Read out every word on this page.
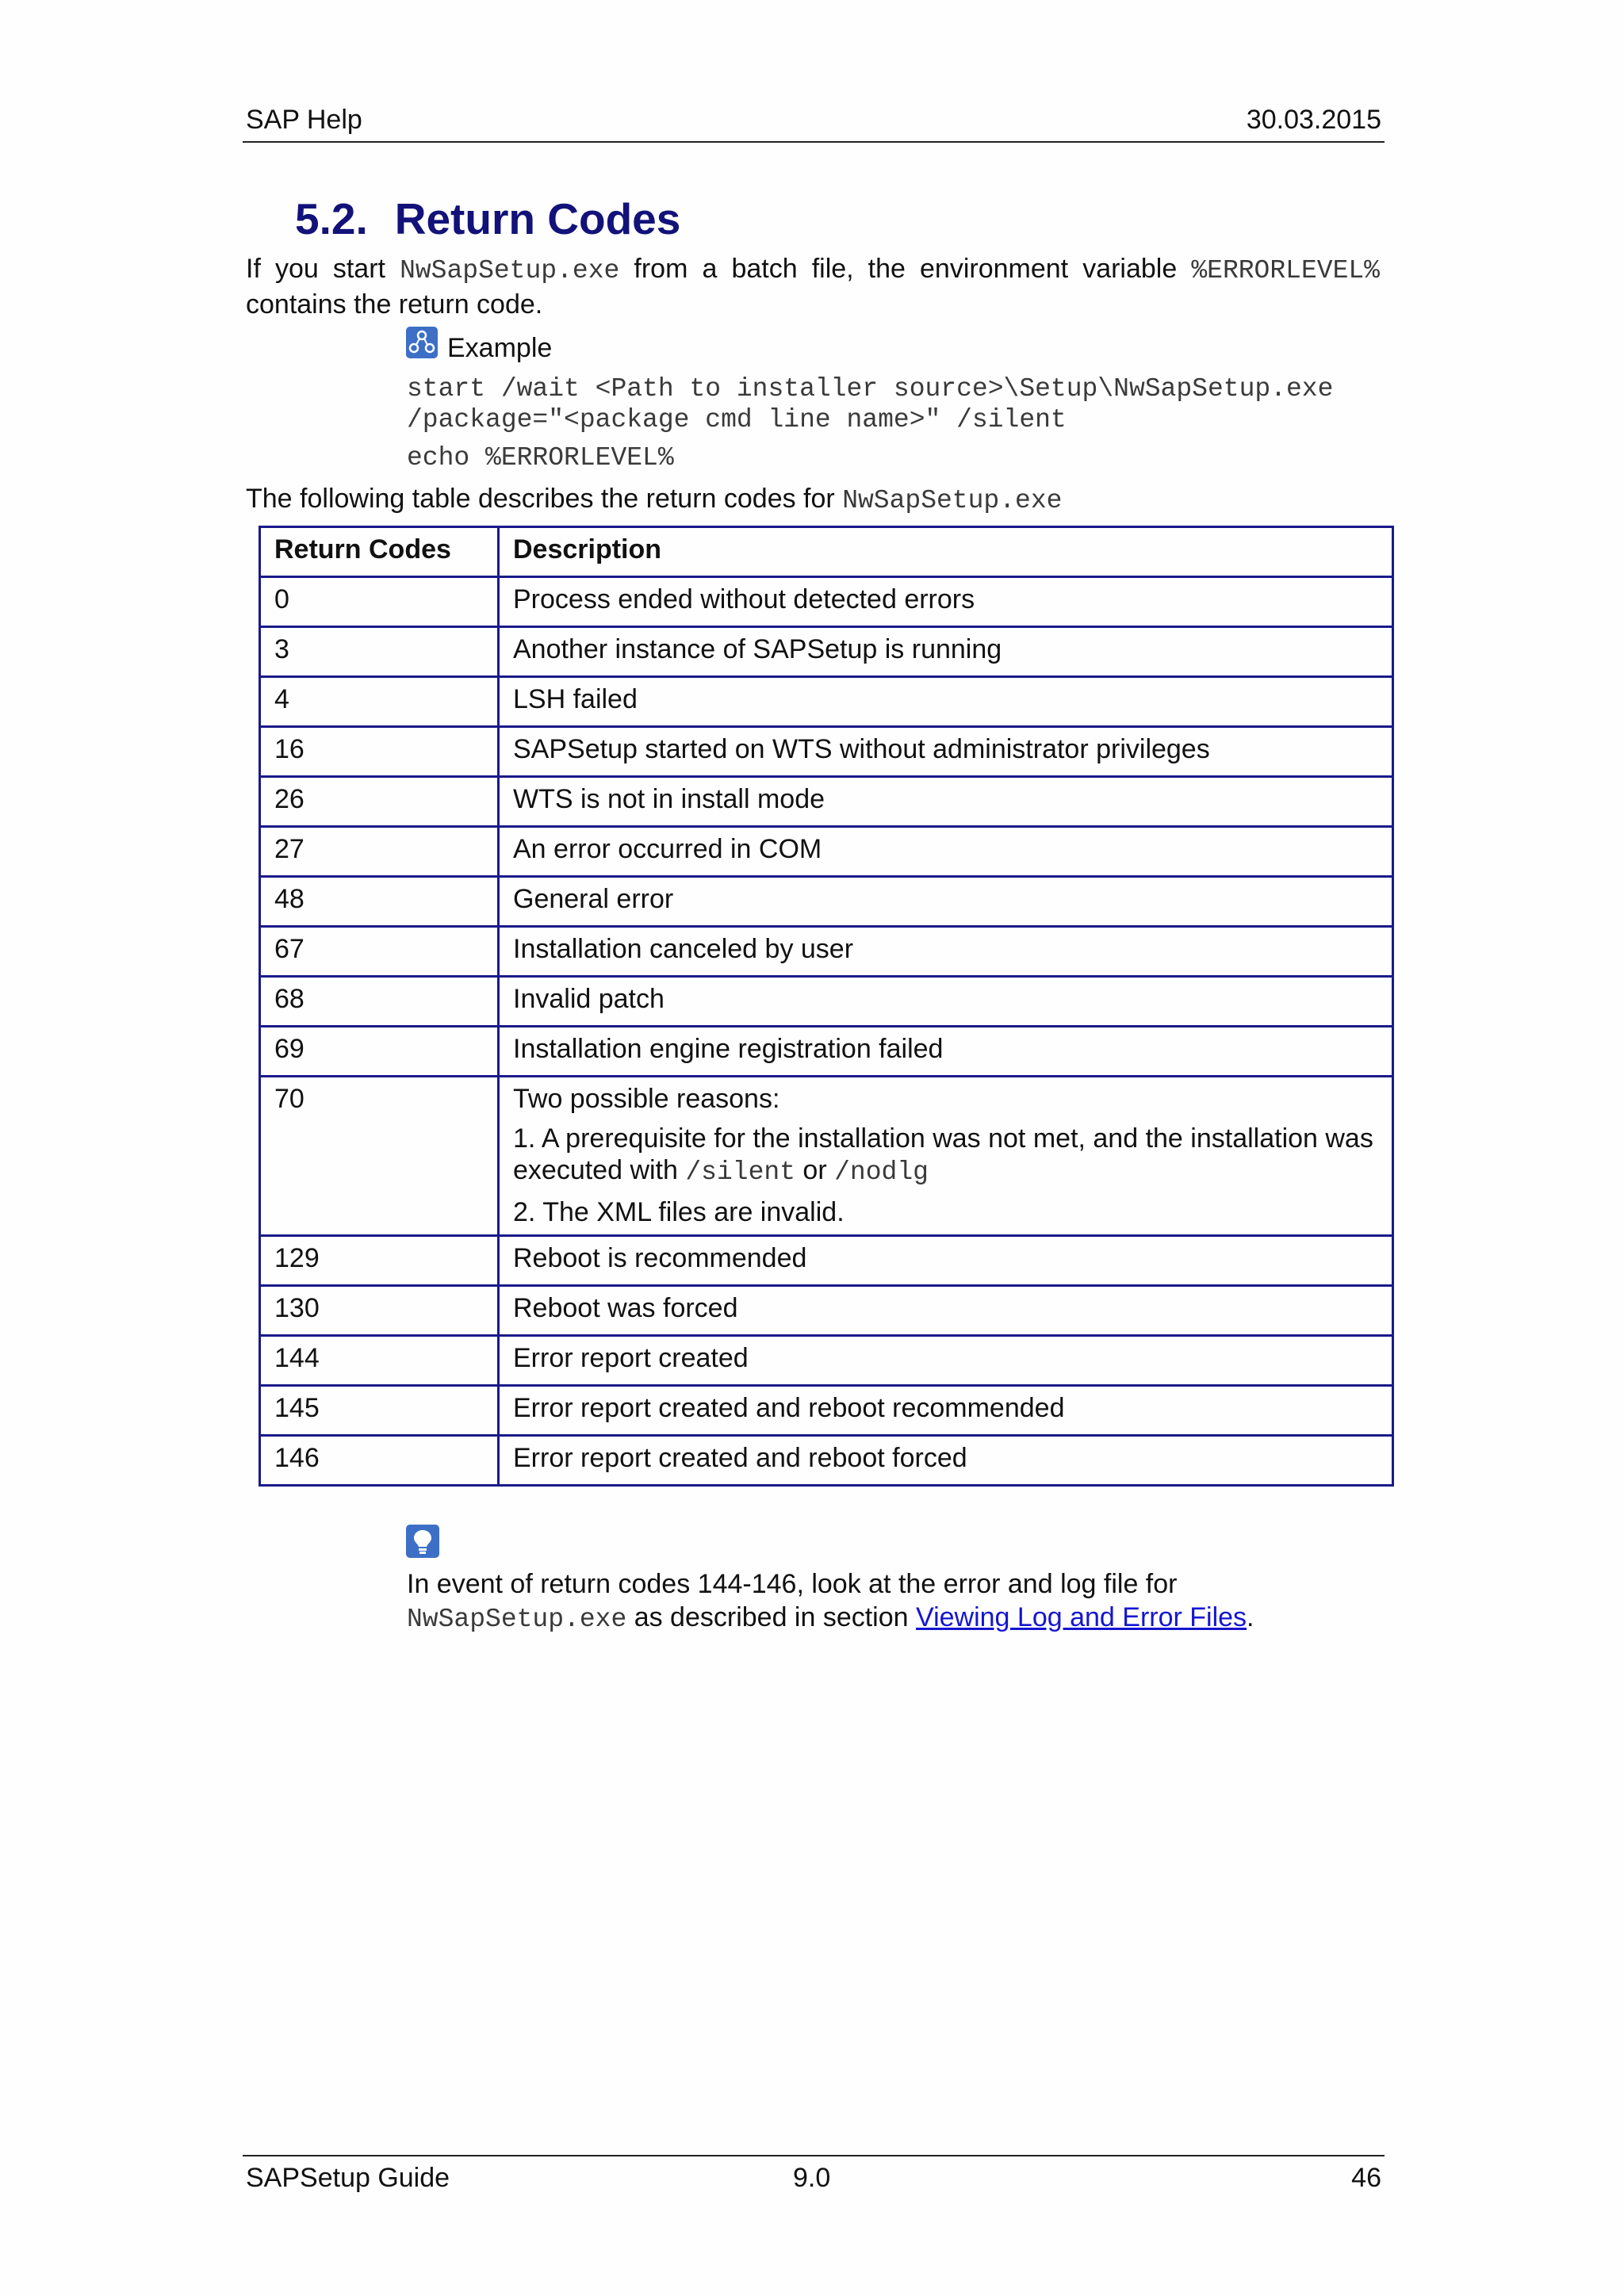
SAP Help	30.03.2015
5.2. Return Codes
If you start NwSapSetup.exe from a batch file, the environment variable %ERRORLEVEL% contains the return code.
Example
start /wait <Path to installer source>\Setup\NwSapSetup.exe
/package="<package cmd line name>" /silent
echo %ERRORLEVEL%
The following table describes the return codes for NwSapSetup.exe
Return Codes	Description
0	Process ended without detected errors
3	Another instance of SAPSetup is running
4	LSH failed
16	SAPSetup started on WTS without administrator privileges
26	WTS is not in install mode
27	An error occurred in COM
48	General error
67	Installation canceled by user
68	Invalid patch
69	Installation engine registration failed
70	Two possible reasons:
1. A prerequisite for the installation was not met, and the installation was executed with /silent or /nodlg
2. The XML files are invalid.

129	Reboot is recommended
130	Reboot was forced
144	Error report created
145	Error report created and reboot recommended
146	Error report created and reboot forced
In event of return codes 144-146, look at the error and log file for NwSapSetup.exe as described in section Viewing Log and Error Files.
SAPSetup Guide	9.0	46
